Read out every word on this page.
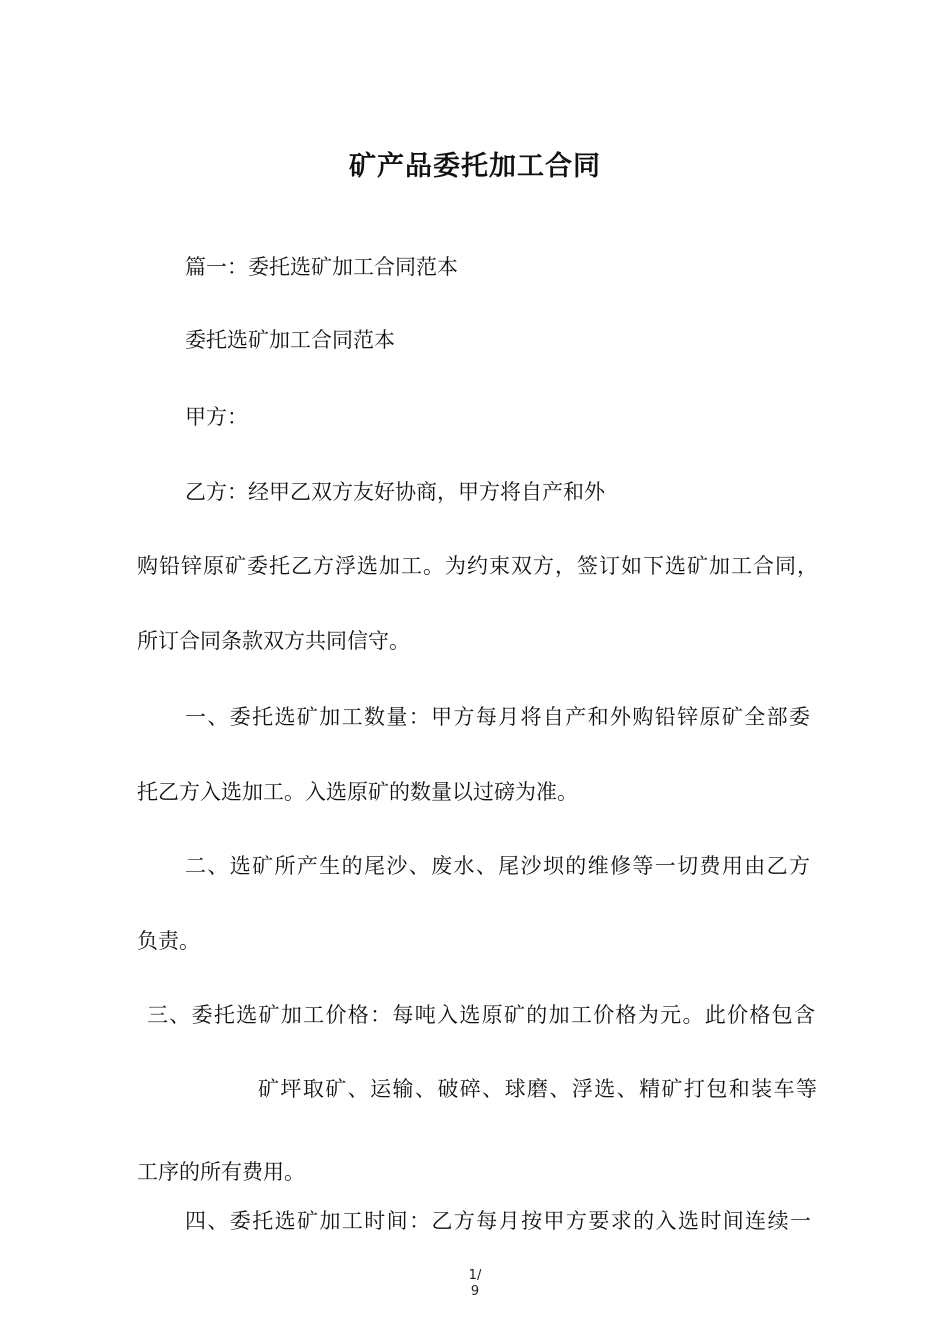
矿产品委托加工合同

篇一：委托选矿加工合同范本

委托选矿加工合同范本

甲方：

乙方：经甲乙双方友好协商，甲方将自产和外

购铅锌原矿委托乙方浮选加工。为约束双方，签订如下选矿加工合同，

所订合同条款双方共同信守。

一、委托选矿加工数量：甲方每月将自产和外购铅锌原矿全部委

托乙方入选加工。入选原矿的数量以过磅为准。

二、选矿所产生的尾沙、废水、尾沙坝的维修等一切费用由乙方

负责。

三、委托选矿加工价格：每吨入选原矿的加工价格为元。此价格包含

矿坪取矿、运输、破碎、球磨、浮选、精矿打包和装车等

工序的所有费用。

四、委托选矿加工时间：乙方每月按甲方要求的入选时间连续一

1/
9
